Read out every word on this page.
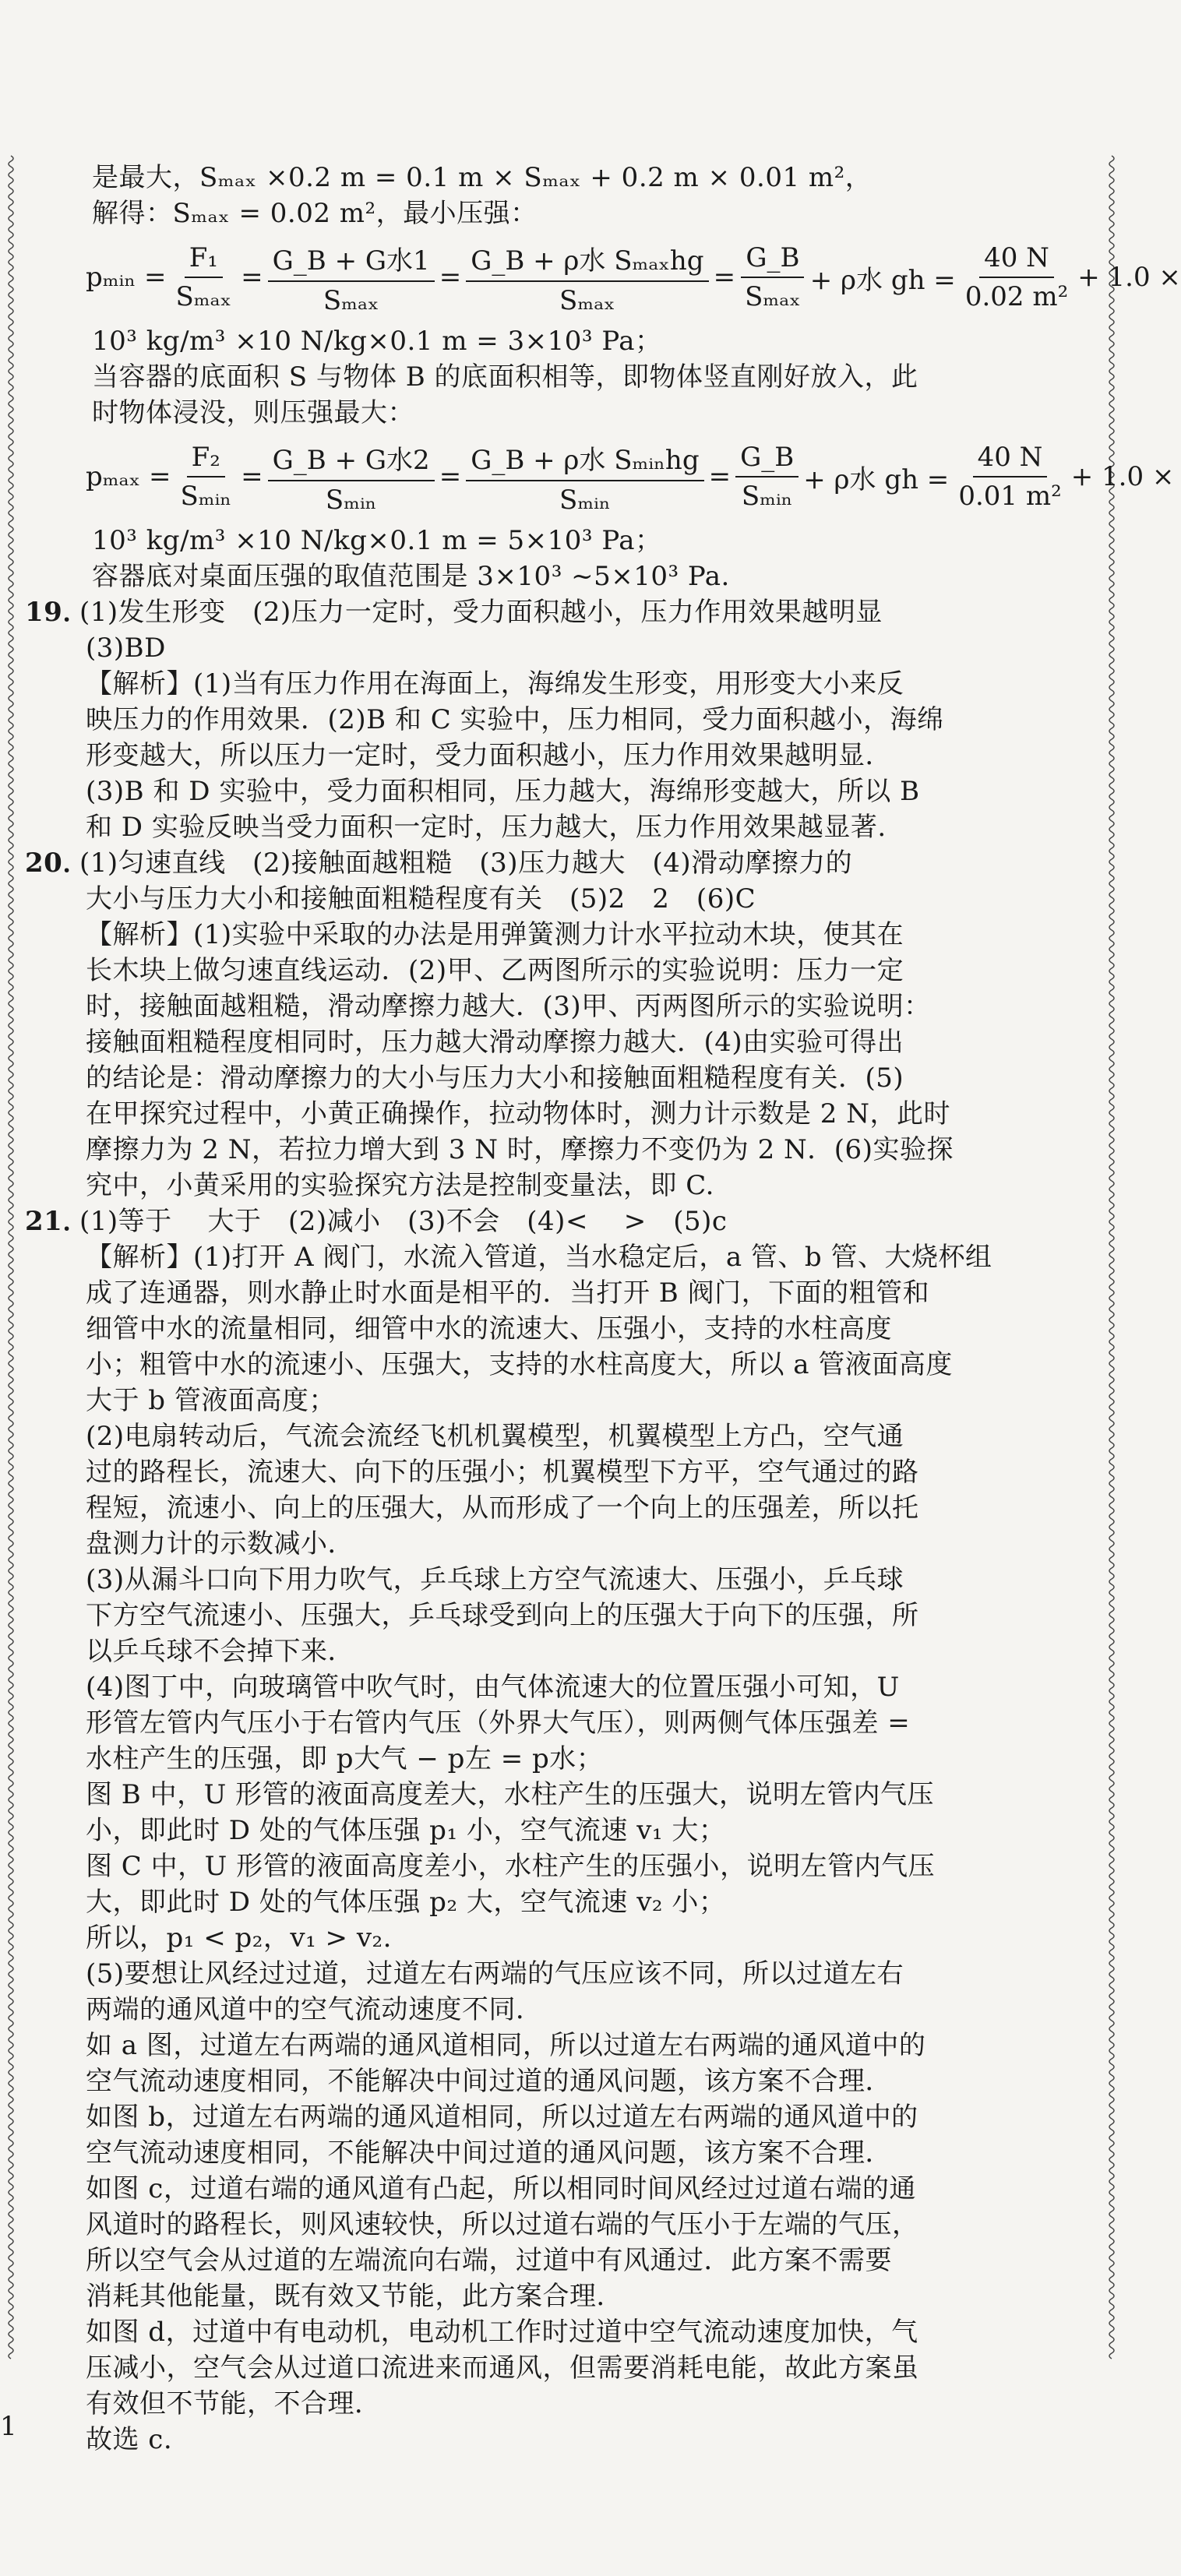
是最大，Sₘₐₓ ×0.2 m = 0.1 m × Sₘₐₓ + 0.2 m × 0.01 m²，
解得：Sₘₐₓ = 0.02 m²，最小压强：
pₘᵢₙ = $\frac{\text{F₁}}{\text{Sₘₐₓ}} = \frac{\text{G\_B + G水1}}{\text{Sₘₐₓ}} = \frac{\text{G\_B + ρ水 Sₘₐₓhg}}{\text{Sₘₐₓ}} = \frac{G\_B}{\text{Sₘₐₓ}} + \rho$水 gh = $\frac{40 N}{\text{0.02 m²}} + 1.0$ ×
10³ kg/m³ ×10 N/kg×0.1 m = 3×10³ Pa；
当容器的底面积 S 与物体 B 的底面积相等，即物体竖直刚好放入，此
时物体浸没，则压强最大：
$p_{max} = \frac{\text{F₂}}{\text{Sₘᵢₙ}} = \frac{\text{G\_B + G水2}}{\text{Sₘᵢₙ}} = \frac{\text{G\_B + ρ水 Sₘᵢₙhg}}{\text{Sₘᵢₙ}} = \frac{G\_B}{\text{Sₘᵢₙ}} + \rho$水 gh = $\frac{40 N}{\text{0.01 m²}} + 1.0$ ×
10³ kg/m³ ×10 N/kg×0.1 m = 5×10³ Pa；
容器底对桌面压强的取值范围是 3×10³ ~5×10³ Pa.
19．(1)发生形变　(2)压力一定时，受力面积越小，压力作用效果越明显
(3)BD
【解析】(1)当有压力作用在海面上，海绵发生形变，用形变大小来反
映压力的作用效果．(2)B 和 C 实验中，压力相同，受力面积越小，海绵
形变越大，所以压力一定时，受力面积越小，压力作用效果越明显．
(3)B 和 D 实验中，受力面积相同，压力越大，海绵形变越大，所以 B
和 D 实验反映当受力面积一定时，压力越大，压力作用效果越显著.
20．(1)匀速直线　(2)接触面越粗糙　(3)压力越大　(4)滑动摩擦力的
大小与压力大小和接触面粗糙程度有关　(5)2　2　(6)C
【解析】(1)实验中采取的办法是用弹簧测力计水平拉动木块，使其在
长木块上做匀速直线运动．(2)甲、乙两图所示的实验说明：压力一定
时，接触面越粗糙，滑动摩擦力越大．(3)甲、丙两图所示的实验说明：
接触面粗糙程度相同时，压力越大滑动摩擦力越大．(4)由实验可得出
的结论是：滑动摩擦力的大小与压力大小和接触面粗糙程度有关．(5)
在甲探究过程中，小黄正确操作，拉动物体时，测力计示数是 2 N，此时
摩擦力为 2 N，若拉力增大到 3 N 时，摩擦力不变仍为 2 N．(6)实验探
究中，小黄采用的实验探究方法是控制变量法，即 C.
21．(1)等于　 大于　(2)减小　(3)不会　(4)<　 >　(5)c
【解析】(1)打开 A 阀门，水流入管道，当水稳定后，a 管、b 管、大烧杯组
成了连通器，则水静止时水面是相平的．当打开 B 阀门，下面的粗管和
细管中水的流量相同，细管中水的流速大、压强小，支持的水柱高度
小；粗管中水的流速小、压强大，支持的水柱高度大，所以 a 管液面高度
大于 b 管液面高度；
(2)电扇转动后，气流会流经飞机机翼模型，机翼模型上方凸，空气通
过的路程长，流速大、向下的压强小；机翼模型下方平，空气通过的路
程短，流速小、向上的压强大，从而形成了一个向上的压强差，所以托
盘测力计的示数减小．
(3)从漏斗口向下用力吹气，乒乓球上方空气流速大、压强小，乒乓球
下方空气流速小、压强大，乒乓球受到向上的压强大于向下的压强，所
以乒乓球不会掉下来．
(4)图丁中，向玻璃管中吹气时，由气体流速大的位置压强小可知，U
形管左管内气压小于右管内气压（外界大气压），则两侧气体压强差 =
水柱产生的压强，即 p大气 − p左 = p水；
图 B 中，U 形管的液面高度差大，水柱产生的压强大，说明左管内气压
小，即此时 D 处的气体压强 p₁ 小，空气流速 v₁ 大；
图 C 中，U 形管的液面高度差小，水柱产生的压强小，说明左管内气压
大，即此时 D 处的气体压强 p₂ 大，空气流速 v₂ 小；
所以，p₁ < p₂，v₁ > v₂.
(5)要想让风经过过道，过道左右两端的气压应该不同，所以过道左右
两端的通风道中的空气流动速度不同．
如 a 图，过道左右两端的通风道相同，所以过道左右两端的通风道中的
空气流动速度相同，不能解决中间过道的通风问题，该方案不合理．
如图 b，过道左右两端的通风道相同，所以过道左右两端的通风道中的
空气流动速度相同，不能解决中间过道的通风问题，该方案不合理．
如图 c，过道右端的通风道有凸起，所以相同时间风经过过道右端的通
风道时的路程长，则风速较快，所以过道右端的气压小于左端的气压，
所以空气会从过道的左端流向右端，过道中有风通过．此方案不需要
消耗其他能量，既有效又节能，此方案合理．
如图 d，过道中有电动机，电动机工作时过道中空气流动速度加快，气
压减小，空气会从过道口流进来而通风，但需要消耗电能，故此方案虽
有效但不节能，不合理．
故选 c.
1
